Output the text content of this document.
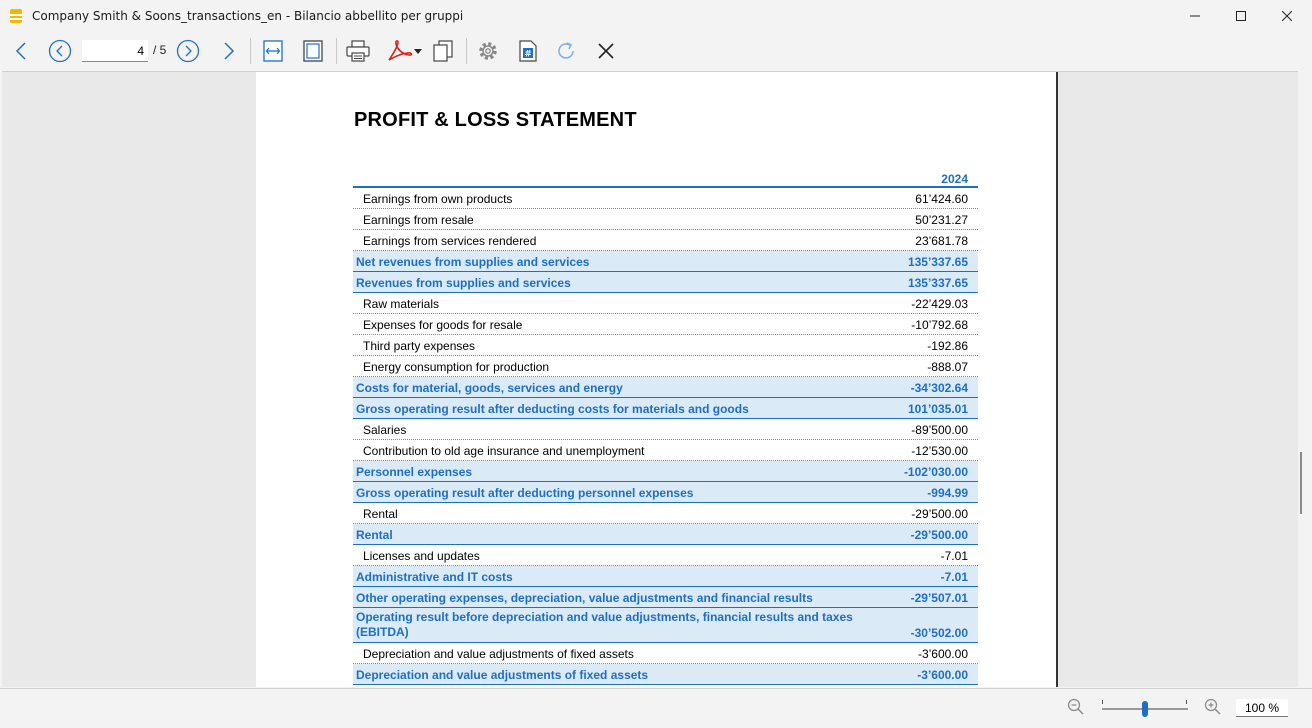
Company Smith & Soons_transactions_en - Bilancio abbellito per gruppi
4
/ 5	#
PROFIT & LOSS STATEMENT
2024
Earnings from own products	61’424.60
Earnings from resale	50’231.27
Earnings from services rendered	23’681.78
Net revenues from supplies and services	135’337.65
Revenues from supplies and services	135’337.65
Raw materials	-22’429.03
Expenses for goods for resale	-10’792.68
Third party expenses	-192.86
Energy consumption for production	-888.07
Costs for material, goods, services and energy	-34’302.64
Gross operating result after deducting costs for materials and goods	101’035.01
Salaries	-89’500.00
Contribution to old age insurance and unemployment	-12’530.00
Personnel expenses	-102’030.00
Gross operating result after deducting personnel expenses	-994.99
Rental	-29’500.00
Rental	-29’500.00
Licenses and updates	-7.01
Administrative and IT costs	-7.01
Other operating expenses, depreciation, value adjustments and financial results	-29’507.01
Operating result before depreciation and value adjustments, financial results and taxes (EBITDA)	-30’502.00
Depreciation and value adjustments of fixed assets	-3’600.00
Depreciation and value adjustments of fixed assets	-3’600.00
100 %
